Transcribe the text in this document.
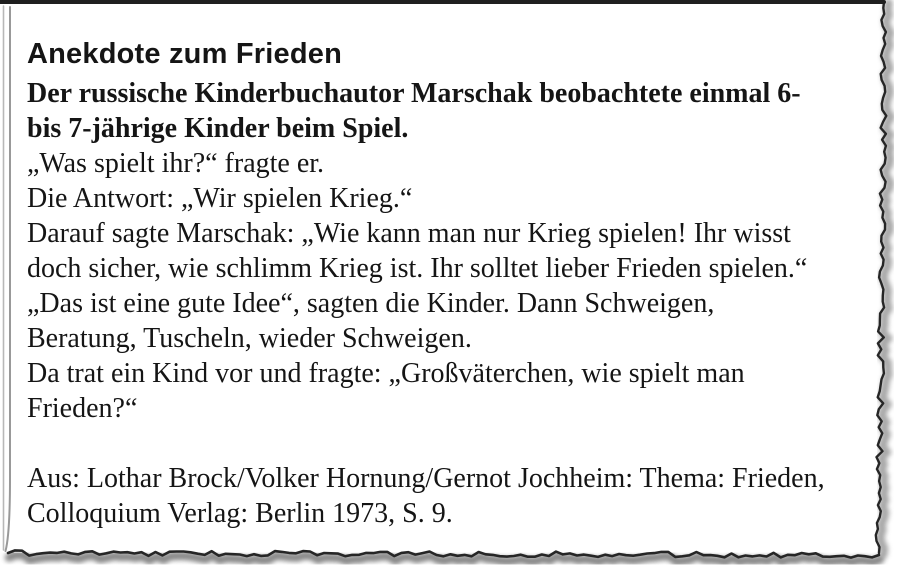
Anekdote zum Frieden
Der russische Kinderbuchautor Marschak beobachtete einmal 6-
bis 7-jährige Kinder beim Spiel.
„Was spielt ihr?“ fragte er.
Die Antwort: „Wir spielen Krieg.“
Darauf sagte Marschak: „Wie kann man nur Krieg spielen! Ihr wisst
doch sicher, wie schlimm Krieg ist. Ihr solltet lieber Frieden spielen.“
„Das ist eine gute Idee“, sagten die Kinder. Dann Schweigen,
Beratung, Tuscheln, wieder Schweigen.
Da trat ein Kind vor und fragte: „Großväterchen, wie spielt man
Frieden?“
Aus: Lothar Brock/Volker Hornung/Gernot Jochheim: Thema: Frieden,
Colloquium Verlag: Berlin 1973, S. 9.
